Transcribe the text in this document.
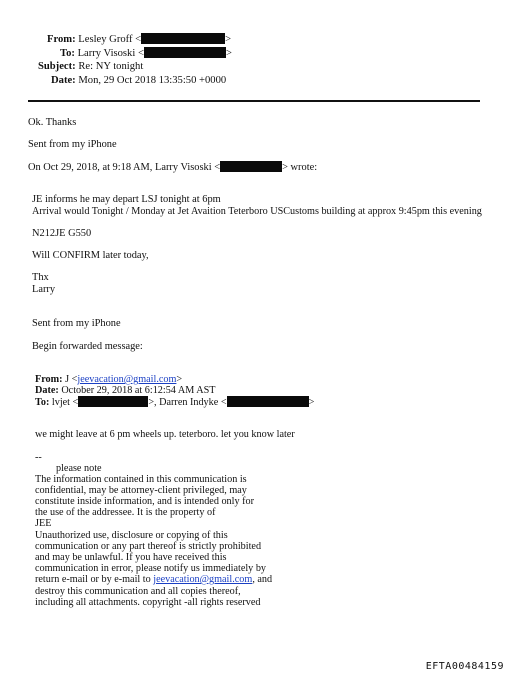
From: Lesley Groff <	>
To: Larry Visoski <	>
Subject: Re: NY tonight
Date: Mon, 29 Oct 2018 13:35:50 +0000
Ok. Thanks
Sent from my iPhone
On Oct 29, 2018, at 9:18 AM, Larry Visoski <	> wrote:
JE informs he may depart LSJ tonight at 6pm
Arrival would Tonight / Monday at Jet Avaition Teterboro USCustoms building at approx 9:45pm this evening
N212JE G550
Will CONFIRM later today,
Thx
Larry
Sent from my iPhone
Begin forwarded message:
From: J <jeevacation@gmail.com>
Date: October 29, 2018 at 6:12:54 AM AST
To: lvjet <	>, Darren Indyke <	>
we might leave at 6 pm wheels up. teterboro. let you know later
--
please note
The information contained in this communication is
confidential, may be attorney-client privileged, may
constitute inside information, and is intended only for
the use of the addressee. It is the property of
JEE
Unauthorized use, disclosure or copying of this
communication or any part thereof is strictly prohibited
and may be unlawful. If you have received this
communication in error, please notify us immediately by
return e-mail or by e-mail to jeevacation@gmail.com, and
destroy this communication and all copies thereof,
including all attachments. copyright -all rights reserved
EFTA00484159
